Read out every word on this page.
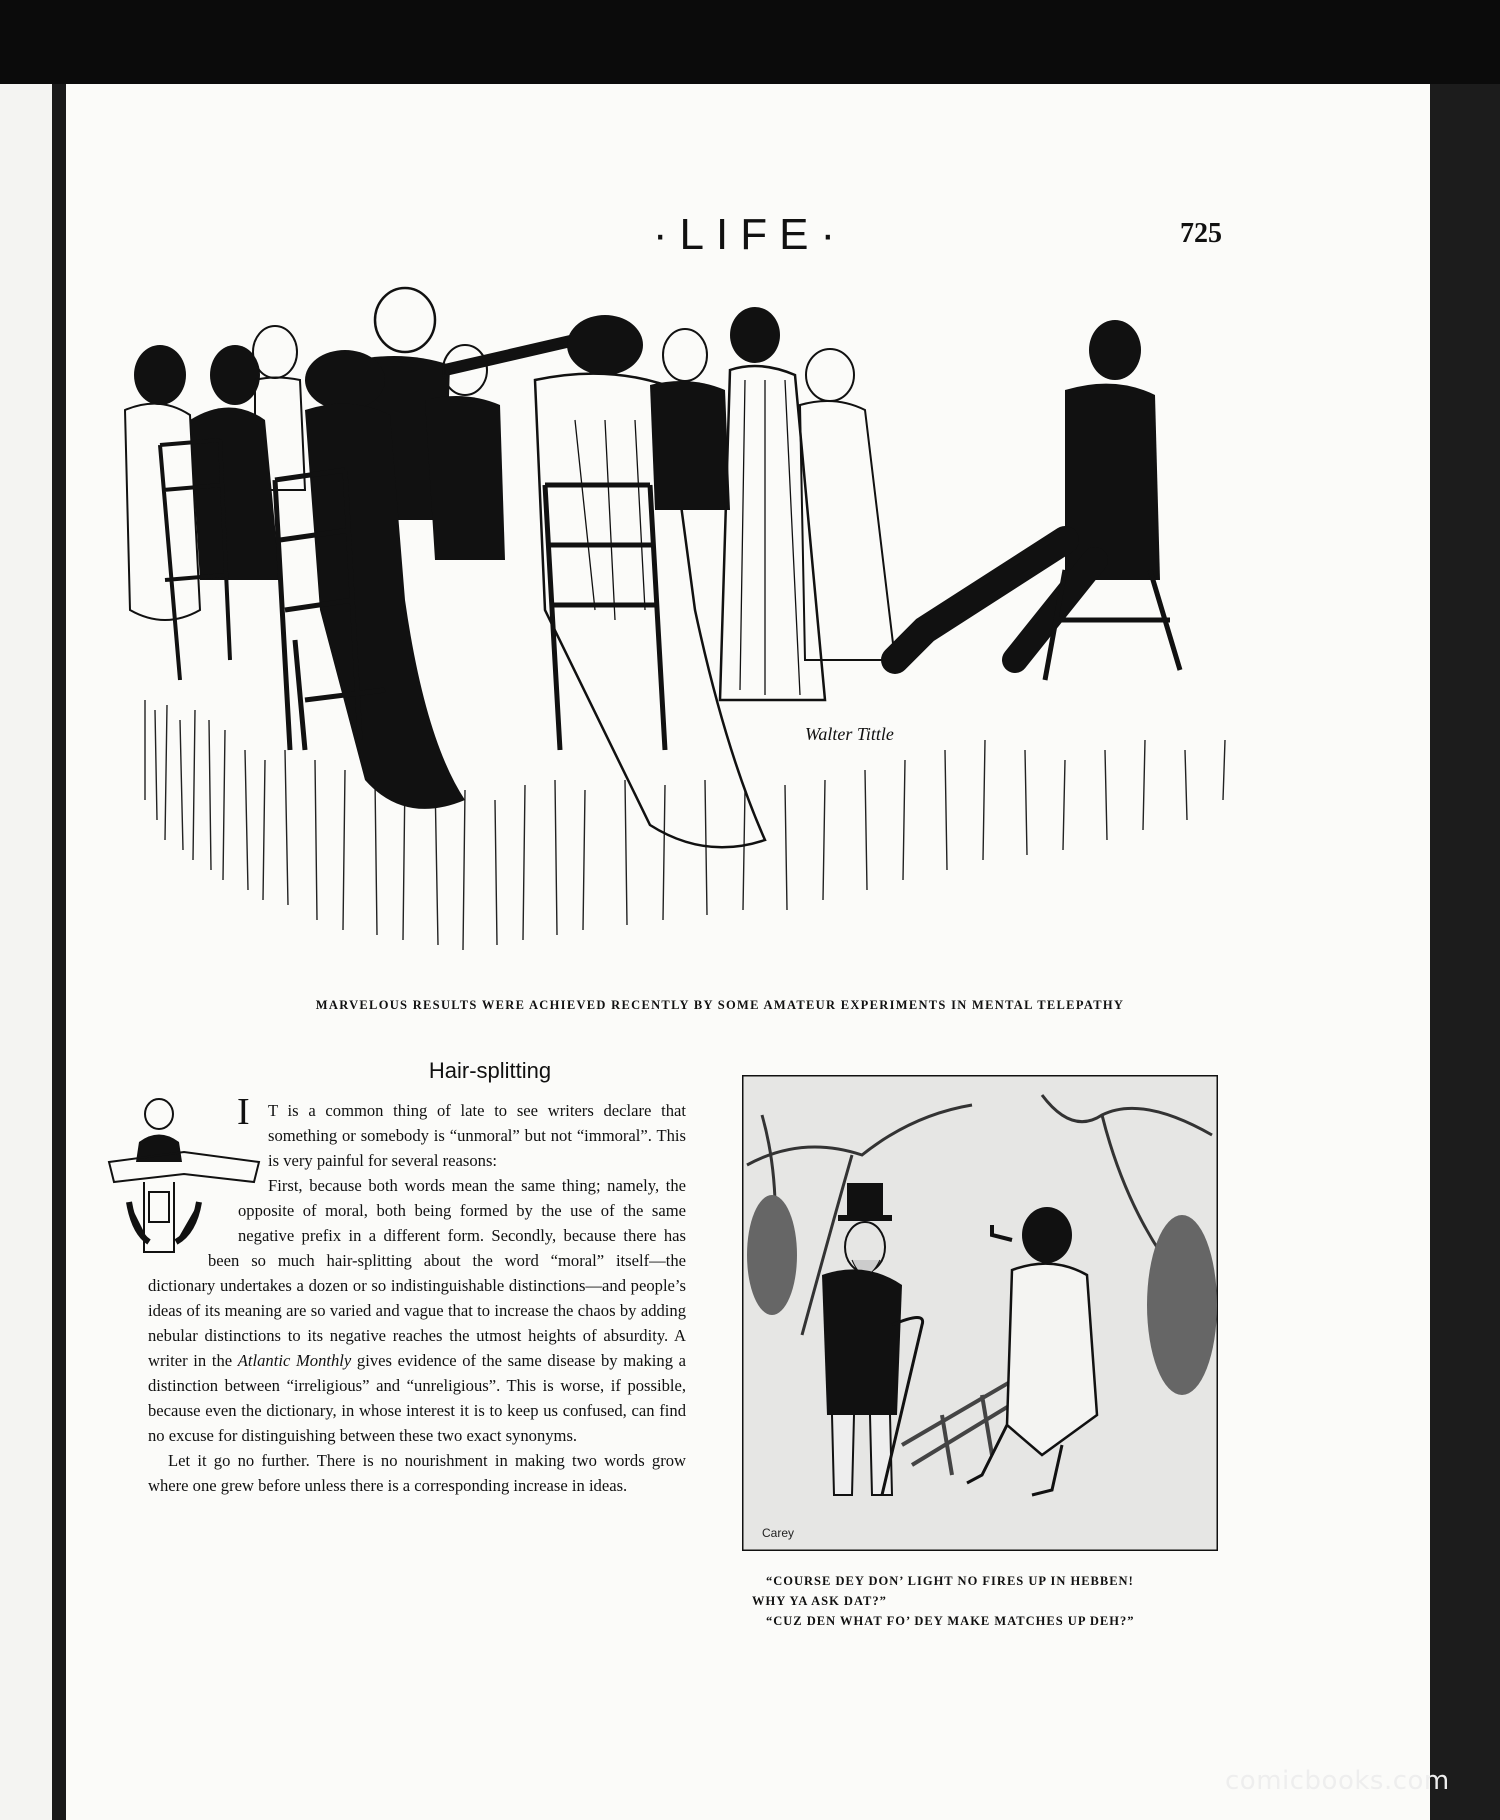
·LIFE·	725
Walter Tittle
MARVELOUS RESULTS WERE ACHIEVED RECENTLY BY SOME AMATEUR EXPERIMENTS IN MENTAL TELEPATHY
Hair-splitting
I	T is a common thing of late to see writers declare that something or somebody is “unmoral” but not “immoral”. This is very painful for several reasons:

First, because both words mean the same thing; namely, the opposite of moral, both being formed by the use of the same negative prefix in a different form. Secondly, because there has been so much hair-splitting about the word “moral” itself—the dictionary undertakes a dozen or so indistinguishable distinctions—and people’s ideas of its meaning are so varied and vague that to increase the chaos by adding nebular distinctions to its negative reaches the utmost heights of absurdity. A writer in the Atlantic Monthly gives evidence of the same disease by making a distinction between “irreligious” and “unreligious”. This is worse, if possible, because even the dictionary, in whose interest it is to keep us confused, can find no excuse for distinguishing between these two exact synonyms.

Let it go no further. There is no nourishment in making two words grow where one grew before unless there is a corresponding increase in ideas.

Carey
“COURSE DEY DON’ LIGHT NO FIRES UP IN HEBBEN!
WHY YA ASK DAT?”
“CUZ DEN WHAT FO’ DEY MAKE MATCHES UP DEH?”
comicbooks.com
